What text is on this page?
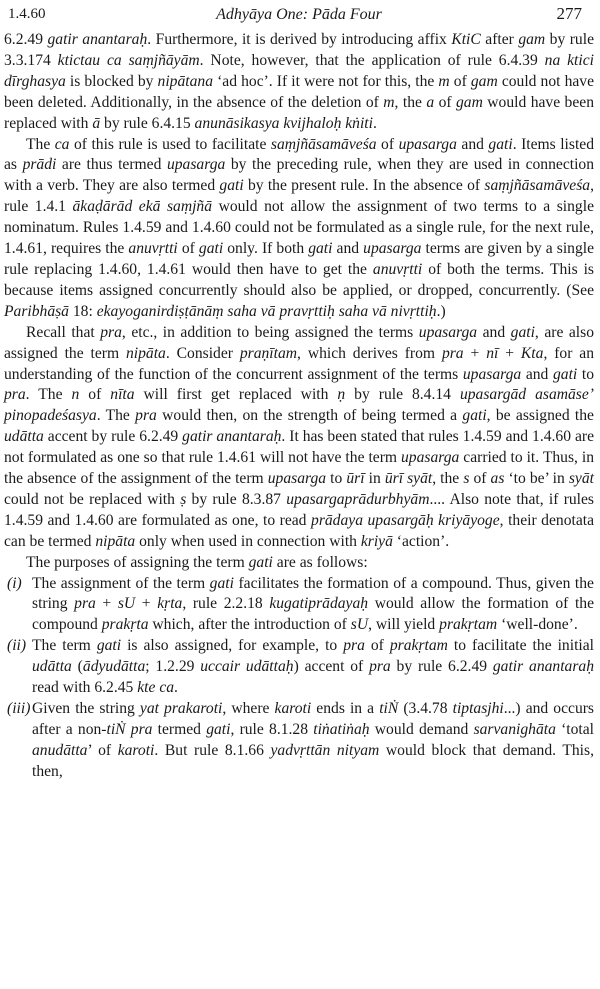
1.4.60	Adhyāya One: Pāda Four	277

6.2.49 gatir anantaraḥ. Furthermore, it is derived by introducing affix KtiC after gam by rule 3.3.174 ktictau ca saṃjñāyām. Note, however, that the application of rule 6.4.39 na ktici dīrghasya is blocked by nipātana ‘ad hoc’. If it were not for this, the m of gam could not have been deleted. Additionally, in the absence of the deletion of m, the a of gam would have been replaced with ā by rule 6.4.15 anunāsikasya kvijhaloḥ kṅiti.

The ca of this rule is used to facilitate saṃjñāsamāveśa of upasarga and gati. Items listed as prādi are thus termed upasarga by the preceding rule, when they are used in connection with a verb. They are also termed gati by the present rule. In the absence of saṃjñāsamāveśa, rule 1.4.1 ākaḍārād ekā saṃjñā would not allow the assignment of two terms to a single nominatum. Rules 1.4.59 and 1.4.60 could not be formulated as a single rule, for the next rule, 1.4.61, requires the anuvṛtti of gati only. If both gati and upasarga terms are given by a single rule replacing 1.4.60, 1.4.61 would then have to get the anuvṛtti of both the terms. This is because items assigned concurrently should also be applied, or dropped, concurrently. (See Paribhāṣā 18: ekayoganirdiṣṭānāṃ saha vā pravṛttiḥ saha vā nivṛttiḥ.)

Recall that pra, etc., in addition to being assigned the terms upasarga and gati, are also assigned the term nipāta. Consider praṇītam, which derives from pra + nī + Kta, for an understanding of the function of the concurrent assignment of the terms upasarga and gati to pra. The n of nīta will first get replaced with ṇ by rule 8.4.14 upasargād asamāse’ pinopadeśasya. The pra would then, on the strength of being termed a gati, be assigned the udātta accent by rule 6.2.49 gatir anantaraḥ. It has been stated that rules 1.4.59 and 1.4.60 are not formulated as one so that rule 1.4.61 will not have the term upasarga carried to it. Thus, in the absence of the assignment of the term upasarga to ūrī in ūrī syāt, the s of as ‘to be’ in syāt could not be replaced with ṣ by rule 8.3.87 upasargaprādurbhyām.... Also note that, if rules 1.4.59 and 1.4.60 are formulated as one, to read prādaya upasargāḥ kriyāyoge, their denotata can be termed nipāta only when used in connection with kriyā ‘action’.

The purposes of assigning the term gati are as follows:

(i) The assignment of the term gati facilitates the formation of a compound. Thus, given the string pra + sU + kṛta, rule 2.2.18 kugatiprādayaḥ would allow the formation of the compound prakṛta which, after the introduction of sU, will yield prakṛtam ‘well-done’.
(ii) The term gati is also assigned, for example, to pra of prakṛtam to facilitate the initial udātta (ādyudātta; 1.2.29 uccair udāttaḥ) accent of pra by rule 6.2.49 gatir anantaraḥ read with 6.2.45 kte ca.
(iii) Given the string yat prakaroti, where karoti ends in a tiṄ (3.4.78 tiptasjhi...) and occurs after a non-tiṄ pra termed gati, rule 8.1.28 tiṅatiṅaḥ would demand sarvanighāta ‘total anudātta’ of karoti. But rule 8.1.66 yadvṛttān nityam would block that demand. This, then,
